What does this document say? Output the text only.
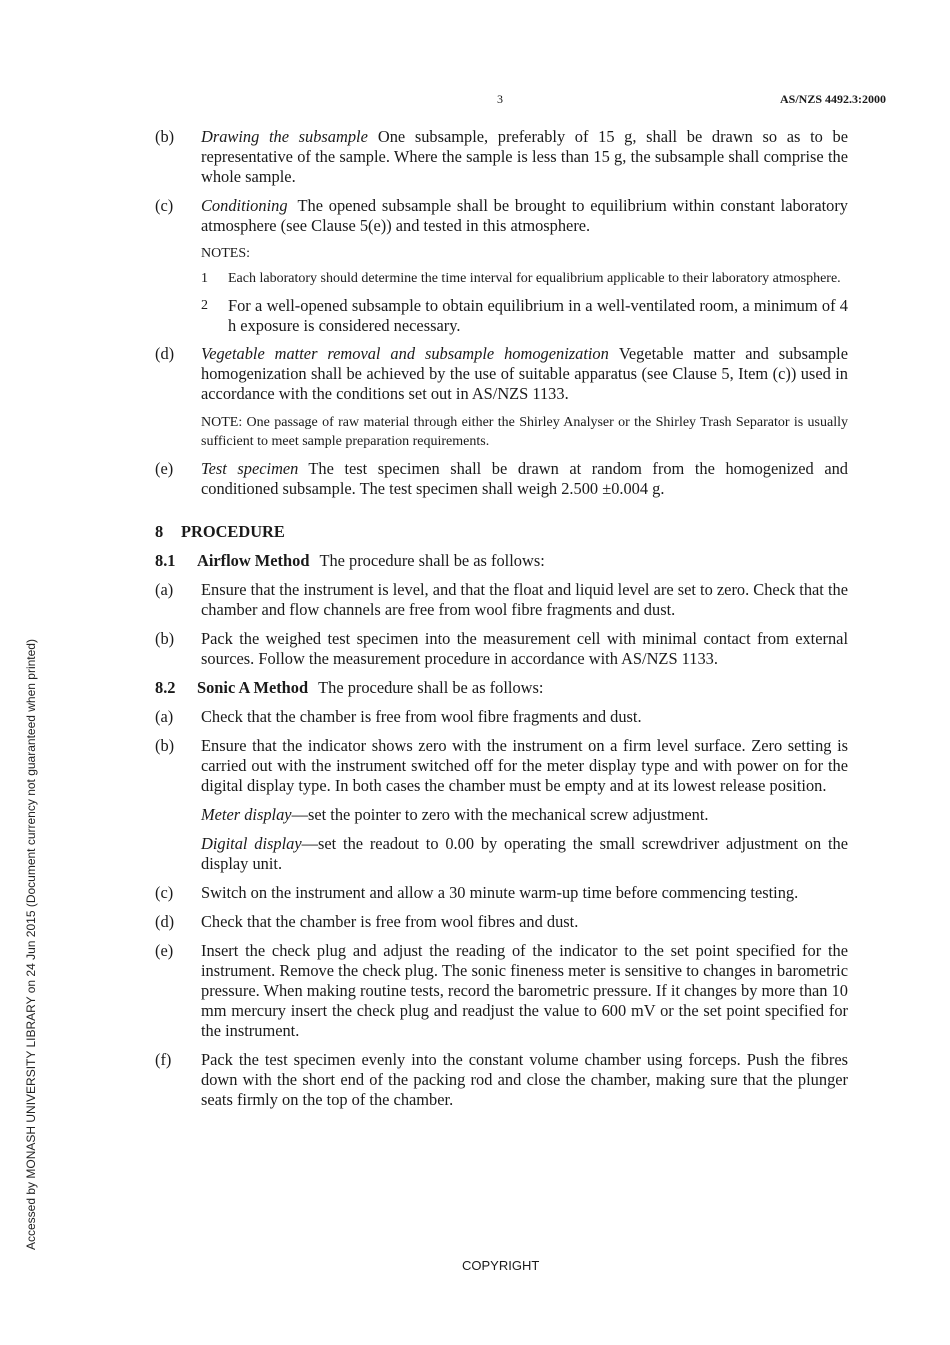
3	AS/NZS 4492.3:2000
Accessed by MONASH UNIVERSITY LIBRARY on 24 Jun 2015 (Document currency not guaranteed when printed)
(b) Drawing the subsample One subsample, preferably of 15 g, shall be drawn so as to be representative of the sample. Where the sample is less than 15 g, the subsample shall comprise the whole sample.
(c) Conditioning The opened subsample shall be brought to equilibrium within constant laboratory atmosphere (see Clause 5(e)) and tested in this atmosphere.
NOTES:
1 Each laboratory should determine the time interval for equalibrium applicable to their laboratory atmosphere.
2 For a well-opened subsample to obtain equilibrium in a well-ventilated room, a minimum of 4 h exposure is considered necessary.
(d) Vegetable matter removal and subsample homogenization Vegetable matter and subsample homogenization shall be achieved by the use of suitable apparatus (see Clause 5, Item (c)) used in accordance with the conditions set out in AS/NZS 1133.
NOTE: One passage of raw material through either the Shirley Analyser or the Shirley Trash Separator is usually sufficient to meet sample preparation requirements.
(e) Test specimen The test specimen shall be drawn at random from the homogenized and conditioned subsample. The test specimen shall weigh 2.500 ±0.004 g.
8 PROCEDURE
8.1 Airflow Method The procedure shall be as follows:
(a) Ensure that the instrument is level, and that the float and liquid level are set to zero. Check that the chamber and flow channels are free from wool fibre fragments and dust.
(b) Pack the weighed test specimen into the measurement cell with minimal contact from external sources. Follow the measurement procedure in accordance with AS/NZS 1133.
8.2 Sonic A Method The procedure shall be as follows:
(a) Check that the chamber is free from wool fibre fragments and dust.
(b) Ensure that the indicator shows zero with the instrument on a firm level surface. Zero setting is carried out with the instrument switched off for the meter display type and with power on for the digital display type. In both cases the chamber must be empty and at its lowest release position.
Meter display—set the pointer to zero with the mechanical screw adjustment.
Digital display—set the readout to 0.00 by operating the small screwdriver adjustment on the display unit.
(c) Switch on the instrument and allow a 30 minute warm-up time before commencing testing.
(d) Check that the chamber is free from wool fibres and dust.
(e) Insert the check plug and adjust the reading of the indicator to the set point specified for the instrument. Remove the check plug. The sonic fineness meter is sensitive to changes in barometric pressure. When making routine tests, record the barometric pressure. If it changes by more than 10 mm mercury insert the check plug and readjust the value to 600 mV or the set point specified for the instrument.
(f) Pack the test specimen evenly into the constant volume chamber using forceps. Push the fibres down with the short end of the packing rod and close the chamber, making sure that the plunger seats firmly on the top of the chamber.
COPYRIGHT
